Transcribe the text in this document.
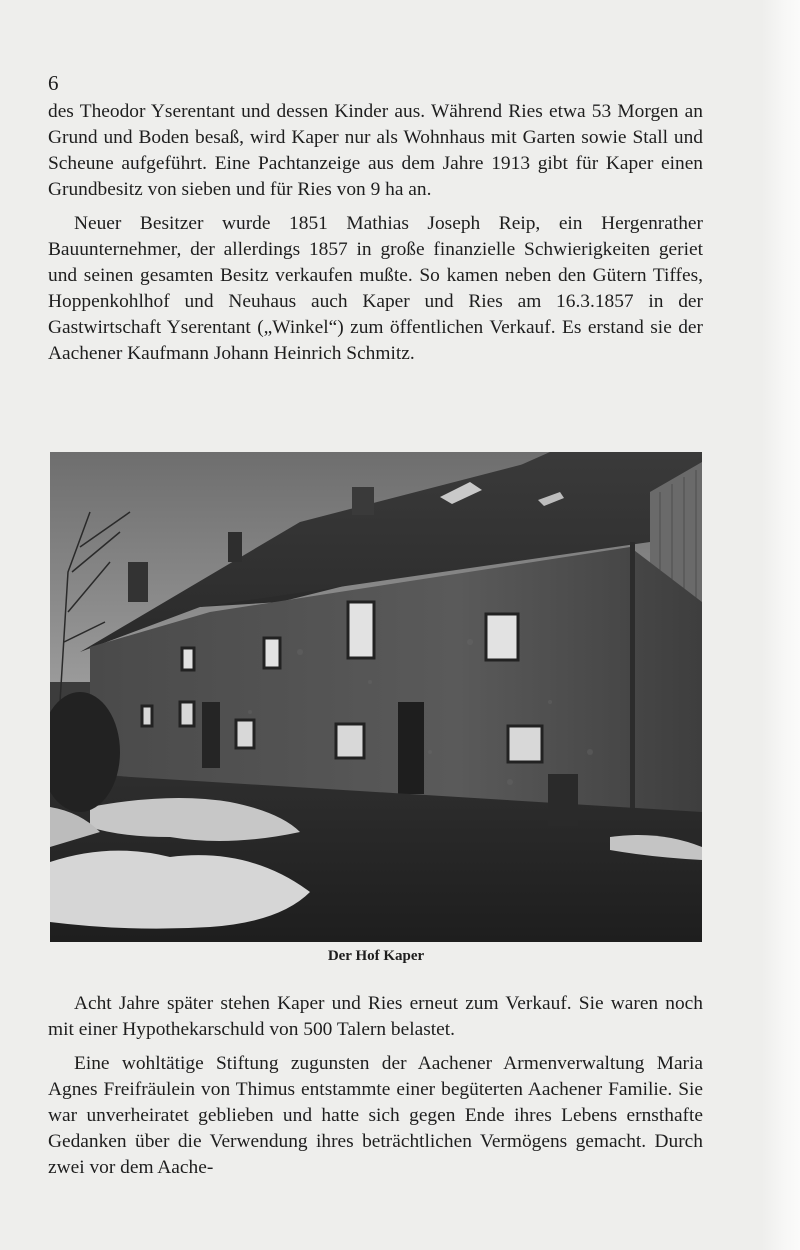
6

des Theodor Yserentant und dessen Kinder aus. Während Ries etwa 53 Morgen an Grund und Boden besaß, wird Kaper nur als Wohnhaus mit Garten sowie Stall und Scheune aufgeführt. Eine Pachtanzeige aus dem Jahre 1913 gibt für Kaper einen Grundbesitz von sieben und für Ries von 9 ha an.

Neuer Besitzer wurde 1851 Mathias Joseph Reip, ein Hergenrather Bauunternehmer, der allerdings 1857 in große finanzielle Schwierigkeiten geriet und seinen gesamten Besitz verkaufen mußte. So kamen neben den Gütern Tiffes, Hoppenkohlhof und Neuhaus auch Kaper und Ries am 16.3.1857 in der Gastwirtschaft Yserentant („Winkel“) zum öffentlichen Verkauf. Es erstand sie der Aachener Kaufmann Johann Heinrich Schmitz.

Der Hof Kaper

Acht Jahre später stehen Kaper und Ries erneut zum Verkauf. Sie waren noch mit einer Hypothekarschuld von 500 Talern belastet.

Eine wohltätige Stiftung zugunsten der Aachener Armenverwaltung Maria Agnes Freifräulein von Thimus entstammte einer begüterten Aachener Familie. Sie war unverheiratet geblieben und hatte sich gegen Ende ihres Lebens ernsthafte Gedanken über die Verwendung ihres beträchtlichen Vermögens gemacht. Durch zwei vor dem Aache-
